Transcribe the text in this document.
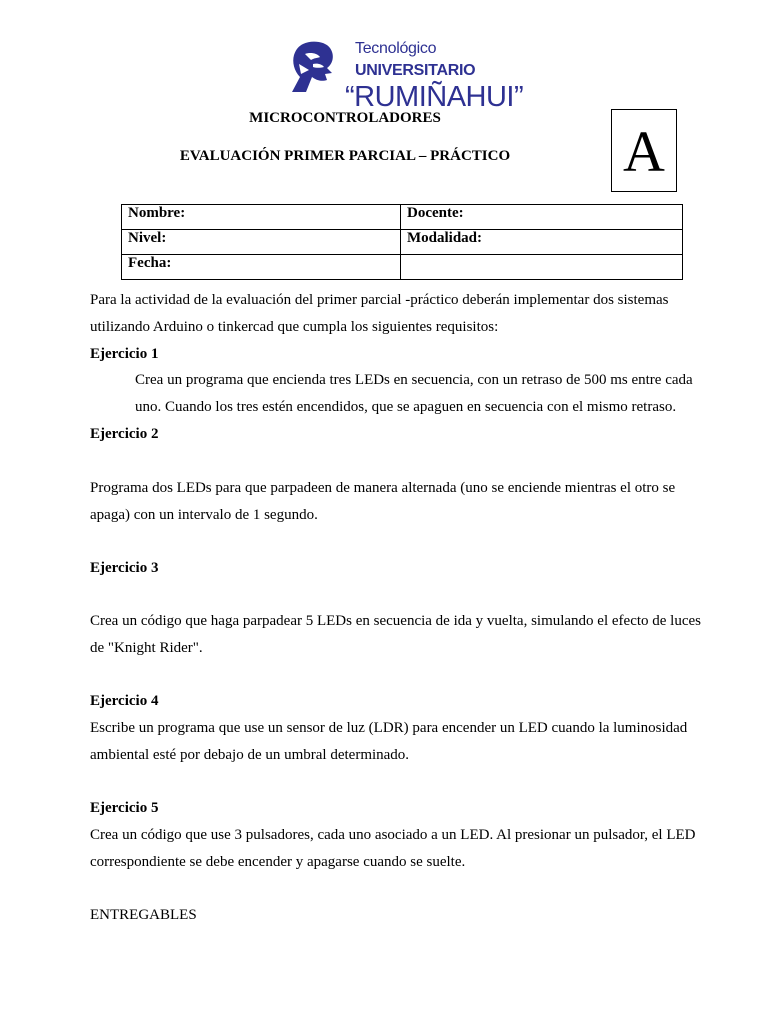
Tecnológico UNIVERSITARIO
“RUMIÑAHUI”
MICROCONTROLADORES
EVALUACIÓN PRIMER PARCIAL – PRÁCTICO	A
Nombre:	Docente:
Nivel:	Modalidad:
Fecha:	
Para la actividad de la evaluación del primer parcial -práctico deberán implementar dos sistemas utilizando Arduino o tinkercad que cumpla los siguientes requisitos:
Ejercicio 1
Crea un programa que encienda tres LEDs en secuencia, con un retraso de 500 ms entre cada uno. Cuando los tres estén encendidos, que se apaguen en secuencia con el mismo retraso.
Ejercicio 2
Programa dos LEDs para que parpadeen de manera alternada (uno se enciende mientras el otro se apaga) con un intervalo de 1 segundo.
Ejercicio 3
Crea un código que haga parpadear 5 LEDs en secuencia de ida y vuelta, simulando el efecto de luces de "Knight Rider".
Ejercicio 4
Escribe un programa que use un sensor de luz (LDR) para encender un LED cuando la luminosidad ambiental esté por debajo de un umbral determinado.
Ejercicio 5
Crea un código que use 3 pulsadores, cada uno asociado a un LED. Al presionar un pulsador, el LED correspondiente se debe encender y apagarse cuando se suelte.
ENTREGABLES
